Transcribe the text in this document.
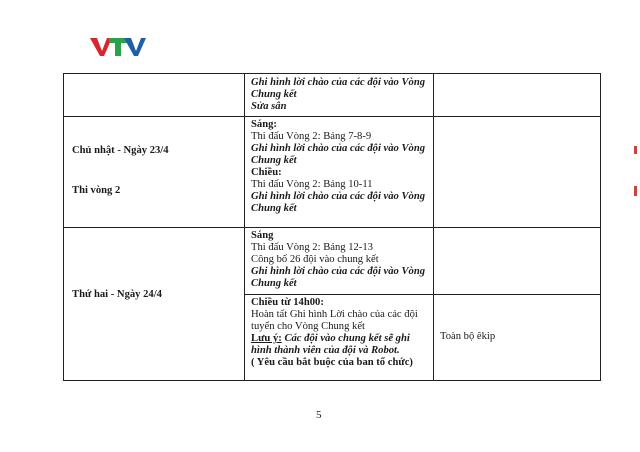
Ghi hình lời chào của các đội vào Vòng
Chung kết
Sửa sân
Chủ nhật - Ngày 23/4
Thi vòng 2
Sáng:
Thi đấu Vòng 2: Bảng 7-8-9
Ghi hình lời chào của các đội vào Vòng
Chung kết
Chiều:
Thi đấu Vòng 2: Bảng 10-11
Ghi hình lời chào của các đội vào Vòng
Chung kết
Thứ hai - Ngày 24/4
Sáng
Thi đấu Vòng 2: Bảng 12-13
Công bố 26 đội vào chung kết
Ghi hình lời chào của các đội vào Vòng
Chung kết
Chiều từ 14h00:
Hoàn tất Ghi hình Lời chào của các đội
tuyển cho Vòng Chung kết
Lưu ý: Các đội vào chung kết sẽ ghi
hình thành viên của đội và Robot.
( Yêu cầu bắt buộc của ban tổ chức)
Toàn bộ êkip
5
